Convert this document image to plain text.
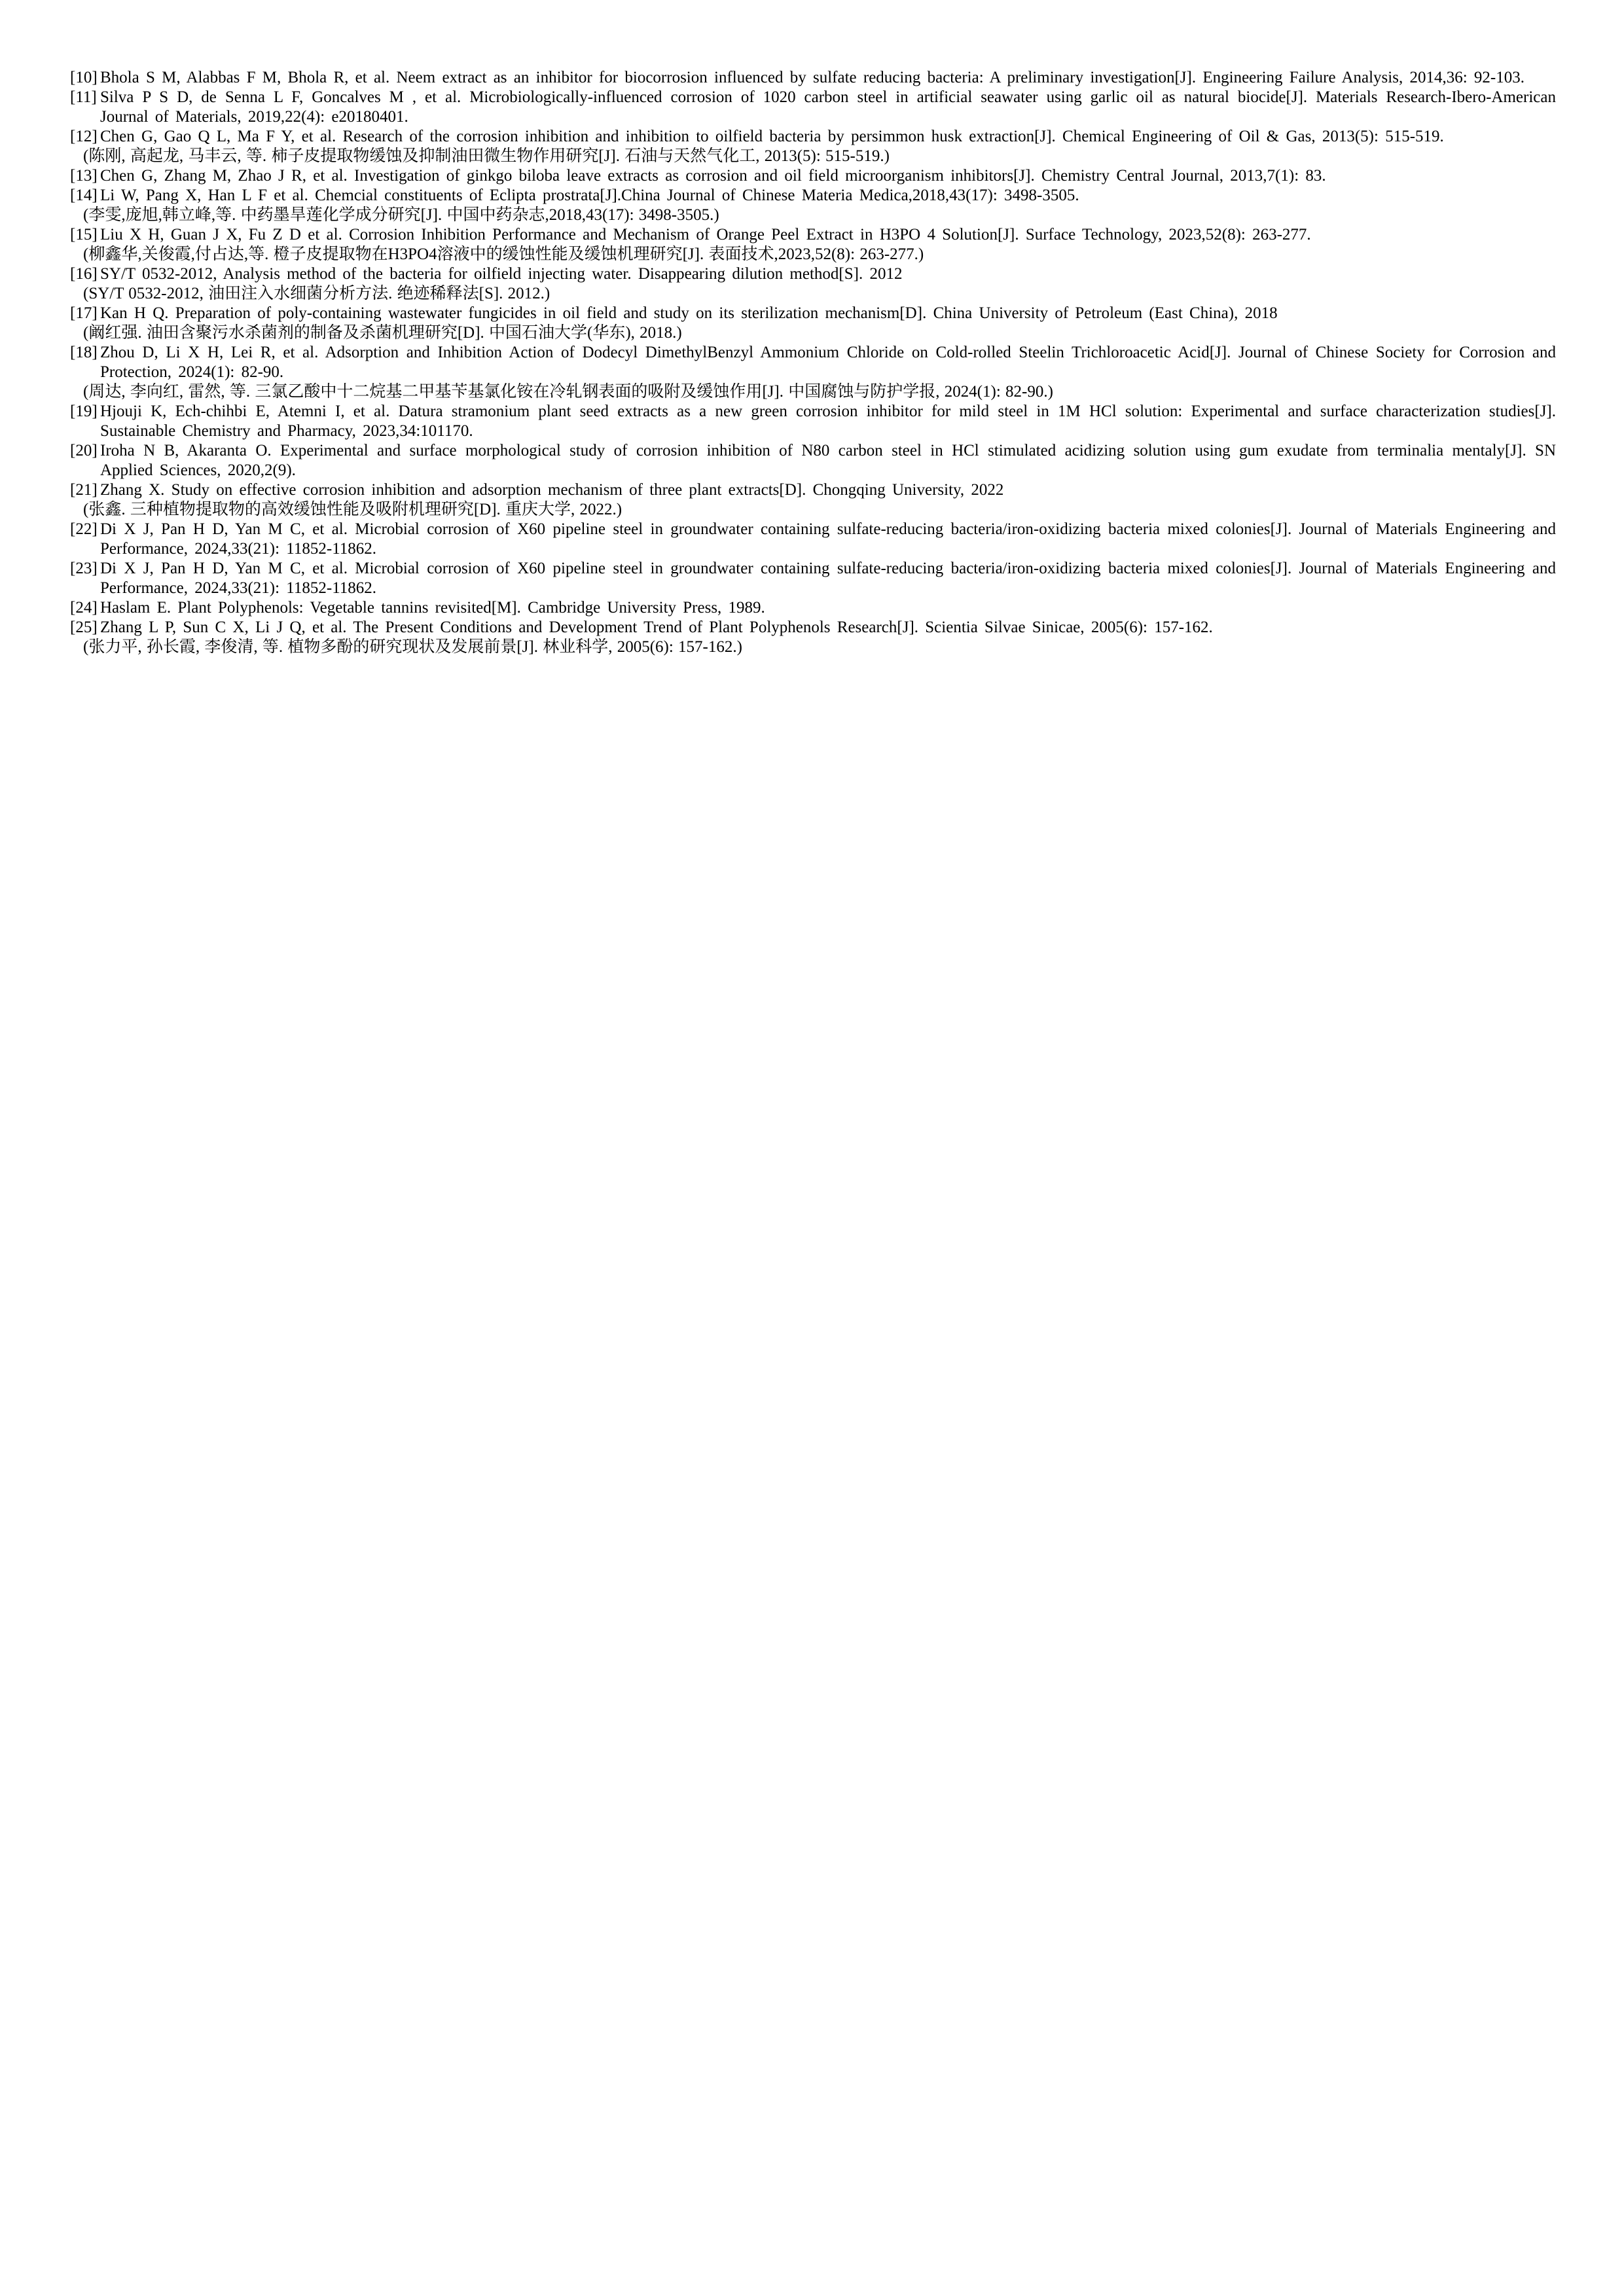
[10] Bhola S M, Alabbas F M, Bhola R, et al. Neem extract as an inhibitor for biocorrosion influenced by sulfate reducing bacteria: A preliminary investigation[J]. Engineering Failure Analysis, 2014,36: 92-103.
[11] Silva P S D, de Senna L F, Goncalves M , et al. Microbiologically-influenced corrosion of 1020 carbon steel in artificial seawater using garlic oil as natural biocide[J]. Materials Research-Ibero-American Journal of Materials, 2019,22(4): e20180401.
[12] Chen G, Gao Q L, Ma F Y, et al. Research of the corrosion inhibition and inhibition to oilfield bacteria by persimmon husk extraction[J]. Chemical Engineering of Oil & Gas, 2013(5): 515-519.
(陈刚, 高起龙, 马丰云, 等. 柿子皮提取物缓蚀及抑制油田微生物作用研究[J]. 石油与天然气化工, 2013(5): 515-519.)
[13] Chen G, Zhang M, Zhao J R, et al. Investigation of ginkgo biloba leave extracts as corrosion and oil field microorganism inhibitors[J]. Chemistry Central Journal, 2013,7(1): 83.
[14] Li W, Pang X, Han L F et al. Chemcial constituents of Eclipta prostrata[J].China Journal of Chinese Materia Medica,2018,43(17): 3498-3505.
(李雯,庞旭,韩立峰,等. 中药墨旱莲化学成分研究[J]. 中国中药杂志,2018,43(17): 3498-3505.)
[15] Liu X H, Guan J X, Fu Z D et al. Corrosion Inhibition Performance and Mechanism of Orange Peel Extract in H3PO 4 Solution[J]. Surface Technology, 2023,52(8): 263-277.
(柳鑫华,关俊霞,付占达,等. 橙子皮提取物在H3PO4溶液中的缓蚀性能及缓蚀机理研究[J]. 表面技术,2023,52(8): 263-277.)
[16] SY/T 0532-2012, Analysis method of the bacteria for oilfield injecting water. Disappearing dilution method[S]. 2012
(SY/T 0532-2012, 油田注入水细菌分析方法. 绝迹稀释法[S]. 2012.)
[17] Kan H Q. Preparation of poly-containing wastewater fungicides in oil field and study on its sterilization mechanism[D]. China University of Petroleum (East China), 2018
(阚红强. 油田含聚污水杀菌剂的制备及杀菌机理研究[D]. 中国石油大学(华东), 2018.)
[18] Zhou D, Li X H, Lei R, et al. Adsorption and Inhibition Action of Dodecyl DimethylBenzyl Ammonium Chloride on Cold-rolled Steelin Trichloroacetic Acid[J]. Journal of Chinese Society for Corrosion and Protection, 2024(1): 82-90.
(周达, 李向红, 雷然, 等. 三氯乙酸中十二烷基二甲基苄基氯化铵在冷轧钢表面的吸附及缓蚀作用[J]. 中国腐蚀与防护学报, 2024(1): 82-90.)
[19] Hjouji K, Ech-chihbi E, Atemni I, et al. Datura stramonium plant seed extracts as a new green corrosion inhibitor for mild steel in 1M HCl solution: Experimental and surface characterization studies[J]. Sustainable Chemistry and Pharmacy, 2023,34:101170.
[20] Iroha N B, Akaranta O. Experimental and surface morphological study of corrosion inhibition of N80 carbon steel in HCl stimulated acidizing solution using gum exudate from terminalia mentaly[J]. SN Applied Sciences, 2020,2(9).
[21] Zhang X. Study on effective corrosion inhibition and adsorption mechanism of three plant extracts[D]. Chongqing University, 2022
(张鑫. 三种植物提取物的高效缓蚀性能及吸附机理研究[D]. 重庆大学, 2022.)
[22] Di X J, Pan H D, Yan M C, et al. Microbial corrosion of X60 pipeline steel in groundwater containing sulfate-reducing bacteria/iron-oxidizing bacteria mixed colonies[J]. Journal of Materials Engineering and Performance, 2024,33(21): 11852-11862.
[23] Di X J, Pan H D, Yan M C, et al. Microbial corrosion of X60 pipeline steel in groundwater containing sulfate-reducing bacteria/iron-oxidizing bacteria mixed colonies[J]. Journal of Materials Engineering and Performance, 2024,33(21): 11852-11862.
[24] Haslam E. Plant Polyphenols: Vegetable tannins revisited[M]. Cambridge University Press, 1989.
[25] Zhang L P, Sun C X, Li J Q, et al. The Present Conditions and Development Trend of Plant Polyphenols Research[J]. Scientia Silvae Sinicae, 2005(6): 157-162.
(张力平, 孙长霞, 李俊清, 等. 植物多酚的研究现状及发展前景[J]. 林业科学, 2005(6): 157-162.)
